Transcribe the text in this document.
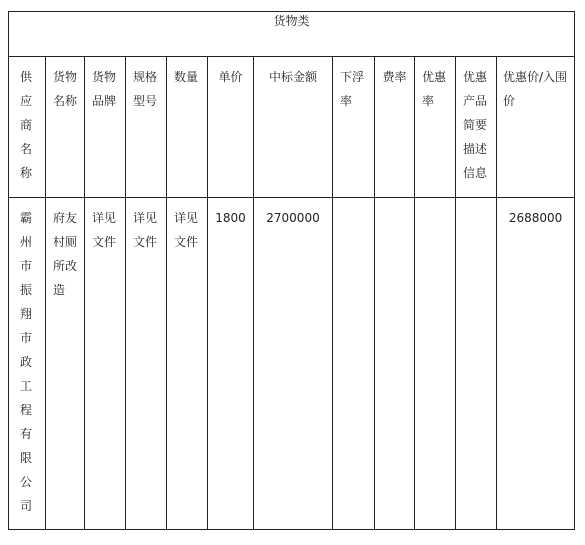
货物类											

供应商名称	货物名称	货物品牌	规格型号	数量	单价	中标金额	下浮率	费率	优惠率	优惠产品简要描述信息	优惠价/入围价

霸州市振翔市政工程有限公司	府友村厕所改造	详见文件	详见文件	详见文件	1800	2700000					2688000
